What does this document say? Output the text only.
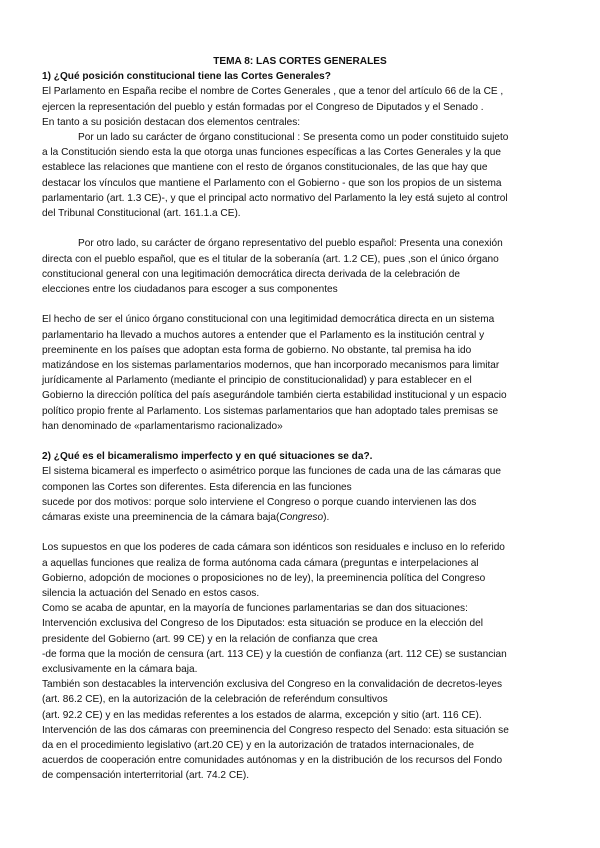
TEMA 8: LAS CORTES GENERALES

1) ¿Qué posición constitucional tiene las Cortes Generales?

El Parlamento en España recibe el nombre de Cortes Generales , que a tenor del artículo 66 de la CE ,

ejercen la representación del pueblo y están formadas por el Congreso de Diputados y el Senado .

En tanto a su posición destacan dos elementos centrales:

Por un lado su carácter de órgano constitucional : Se presenta como un poder constituido sujeto

a la Constitución siendo esta la que otorga unas funciones específicas a las Cortes Generales y la que

establece las relaciones que mantiene con el resto de órganos constitucionales, de las que hay que

destacar los vínculos que mantiene el Parlamento con el Gobierno - que son los propios de un sistema

parlamentario (art. 1.3 CE)-, y que el principal acto normativo del Parlamento la ley está sujeto al control

del Tribunal Constitucional (art. 161.1.a CE).

Por otro lado, su carácter de órgano representativo del pueblo español: Presenta una conexión

directa con el pueblo español, que es el titular de la soberanía (art. 1.2 CE), pues ,son el único órgano

constitucional general con una legitimación democrática directa derivada de la celebración de

elecciones entre los ciudadanos para escoger a sus componentes

El hecho de ser el único órgano constitucional con una legitimidad democrática directa en un sistema

parlamentario ha llevado a muchos autores a entender que el Parlamento es la institución central y

preeminente en los países que adoptan esta forma de gobierno. No obstante, tal premisa ha ido

matizándose en los sistemas parlamentarios modernos, que han incorporado mecanismos para limitar

jurídicamente al Parlamento (mediante el principio de constitucionalidad) y para establecer en el

Gobierno la dirección política del país asegurándole también cierta estabilidad institucional y un espacio

político propio frente al Parlamento. Los sistemas parlamentarios que han adoptado tales premisas se

han denominado de «parlamentarismo racionalizado»

2) ¿Qué es el bicameralismo imperfecto y en qué situaciones se da?.

El sistema bicameral es imperfecto o asimétrico porque las funciones de cada una de las cámaras que

componen las Cortes son diferentes. Esta diferencia en las funciones

sucede por dos motivos: porque solo interviene el Congreso o porque cuando intervienen las dos

cámaras existe una preeminencia de la cámara baja(Congreso).

Los supuestos en que los poderes de cada cámara son idénticos son residuales e incluso en lo referido

a aquellas funciones que realiza de forma autónoma cada cámara (preguntas e interpelaciones al

Gobierno, adopción de mociones o proposiciones no de ley), la preeminencia política del Congreso

silencia la actuación del Senado en estos casos.

Como se acaba de apuntar, en la mayoría de funciones parlamentarias se dan dos situaciones:

Intervención exclusiva del Congreso de los Diputados: esta situación se produce en la elección del

presidente del Gobierno (art. 99 CE) y en la relación de confianza que crea

-de forma que la moción de censura (art. 113 CE) y la cuestión de confianza (art. 112 CE) se sustancian

exclusivamente en la cámara baja.

También son destacables la intervención exclusiva del Congreso en la convalidación de decretos-leyes

(art. 86.2 CE), en la autorización de la celebración de referéndum consultivos

(art. 92.2 CE) y en las medidas referentes a los estados de alarma, excepción y sitio (art. 116 CE).

Intervención de las dos cámaras con preeminencia del Congreso respecto del Senado: esta situación se

da en el procedimiento legislativo (art.20 CE) y en la autorización de tratados internacionales, de

acuerdos de cooperación entre comunidades autónomas y en la distribución de los recursos del Fondo

de compensación interterritorial (art. 74.2 CE).
